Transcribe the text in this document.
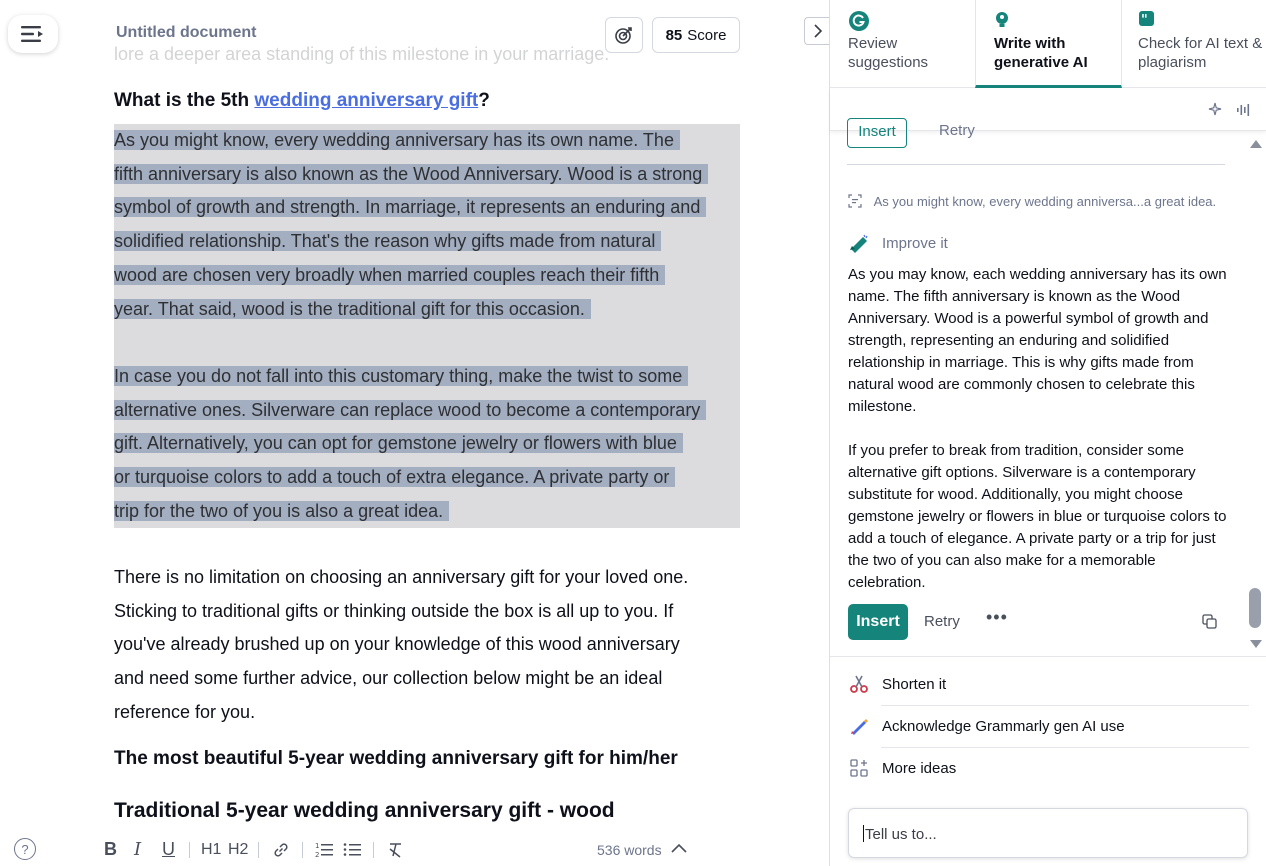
Untitled document	85 Score
lore a deeper area standing of this milestone in your marriage.
What is the 5th wedding anniversary gift?
As you might know, every wedding anniversary has its own name. The
fifth anniversary is also known as the Wood Anniversary. Wood is a strong
symbol of growth and strength. In marriage, it represents an enduring and
solidified relationship. That's the reason why gifts made from natural
wood are chosen very broadly when married couples reach their fifth
year. That said, wood is the traditional gift for this occasion.
In case you do not fall into this customary thing, make the twist to some
alternative ones. Silverware can replace wood to become a contemporary
gift. Alternatively, you can opt for gemstone jewelry or flowers with blue
or turquoise colors to add a touch of extra elegance. A private party or
trip for the two of you is also a great idea.
There is no limitation on choosing an anniversary gift for your loved one.
Sticking to traditional gifts or thinking outside the box is all up to you. If
you've already brushed up on your knowledge of this wood anniversary
and need some further advice, our collection below might be an ideal
reference for you.
The most beautiful 5-year wedding anniversary gift for him/her
Traditional 5-year wedding anniversary gift - wood
?	B I U H1 H2	1
2	536 words
Review suggestions
Write with generative AI
"
Check for AI text & plagiarism
Insert	Retry
As you might know, every wedding anniversa...a great idea.
Improve it

As you may know, each wedding anniversary has its own name. The fifth anniversary is known as the Wood Anniversary. Wood is a powerful symbol of growth and strength, representing an enduring and solidified relationship in marriage. This is why gifts made from natural wood are commonly chosen to celebrate this milestone.

If you prefer to break from tradition, consider some alternative gift options. Silverware is a contemporary substitute for wood. Additionally, you might choose gemstone jewelry or flowers in blue or turquoise colors to add a touch of elegance. A private party or a trip for just the two of you can also make for a memorable celebration.

Insert	Retry •••
Shorten it
Acknowledge Grammarly gen AI use
More ideas
Tell us to...
